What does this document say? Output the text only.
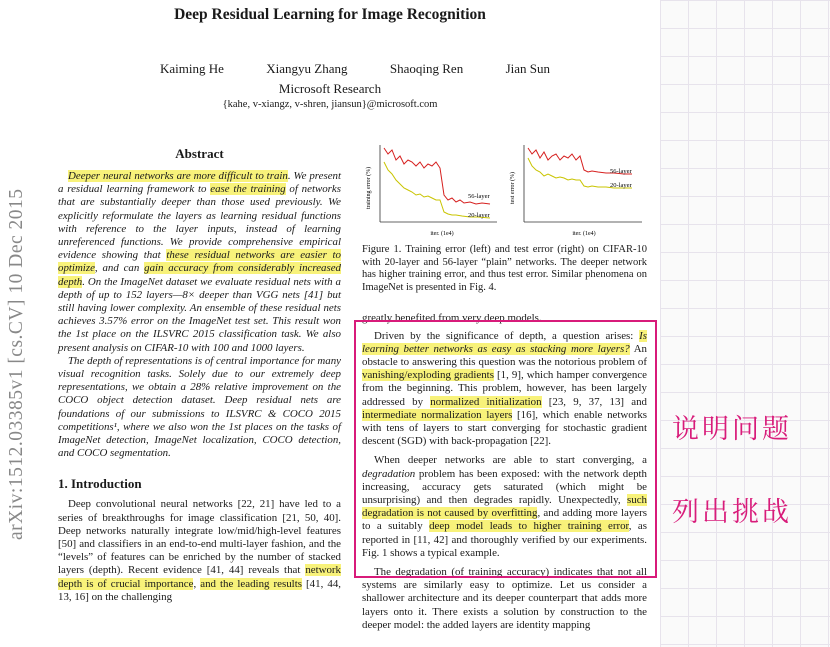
Deep Residual Learning for Image Recognition
Kaiming He	Xiangyu Zhang	Shaoqing Ren	Jian Sun
Microsoft Research
{kahe, v-xiangz, v-shren, jiansun}@microsoft.com
arXiv:1512.03385v1 [cs.CV] 10 Dec 2015
Abstract

Deeper neural networks are more difficult to train. We present a residual learning framework to ease the training of networks that are substantially deeper than those used previously. We explicitly reformulate the layers as learning residual functions with reference to the layer inputs, instead of learning unreferenced functions. We provide comprehensive empirical evidence showing that these residual networks are easier to optimize, and can gain accuracy from considerably increased depth. On the ImageNet dataset we evaluate residual nets with a depth of up to 152 layers—8× deeper than VGG nets [41] but still having lower complexity. An ensemble of these residual nets achieves 3.57% error on the ImageNet test set. This result won the 1st place on the ILSVRC 2015 classification task. We also present analysis on CIFAR-10 with 100 and 1000 layers.

The depth of representations is of central importance for many visual recognition tasks. Solely due to our extremely deep representations, we obtain a 28% relative improvement on the COCO object detection dataset. Deep residual nets are foundations of our submissions to ILSVRC & COCO 2015 competitions¹, where we also won the 1st places on the tasks of ImageNet detection, ImageNet localization, COCO detection, and COCO segmentation.

1. Introduction

Deep convolutional neural networks [22, 21] have led to a series of breakthroughs for image classification [21, 50, 40]. Deep networks naturally integrate low/mid/high-level features [50] and classifiers in an end-to-end multi-layer fashion, and the “levels” of features can be enriched by the number of stacked layers (depth). Recent evidence [41, 44] reveals that network depth is of crucial importance, and the leading results [41, 44, 13, 16] on the challenging

training error (%)
iter. (1e4)
56-layer
20-layer
test error (%)
iter. (1e4)
56-layer
20-layer
Figure 1. Training error (left) and test error (right) on CIFAR-10 with 20-layer and 56-layer “plain” networks. The deeper network has higher training error, and thus test error. Similar phenomena on ImageNet is presented in Fig. 4.

greatly benefited from very deep models.

Driven by the significance of depth, a question arises: Is learning better networks as easy as stacking more layers? An obstacle to answering this question was the notorious problem of vanishing/exploding gradients [1, 9], which hamper convergence from the beginning. This problem, however, has been largely addressed by normalized initialization [23, 9, 37, 13] and intermediate normalization layers [16], which enable networks with tens of layers to start converging for stochastic gradient descent (SGD) with back-propagation [22].

When deeper networks are able to start converging, a degradation problem has been exposed: with the network depth increasing, accuracy gets saturated (which might be unsurprising) and then degrades rapidly. Unexpectedly, such degradation is not caused by overfitting, and adding more layers to a suitably deep model leads to higher training error, as reported in [11, 42] and thoroughly verified by our experiments. Fig. 1 shows a typical example.

The degradation (of training accuracy) indicates that not all systems are similarly easy to optimize. Let us consider a shallower architecture and its deeper counterpart that adds more layers onto it. There exists a solution by construction to the deeper model: the added layers are identity mapping

说明问题
列出挑战
